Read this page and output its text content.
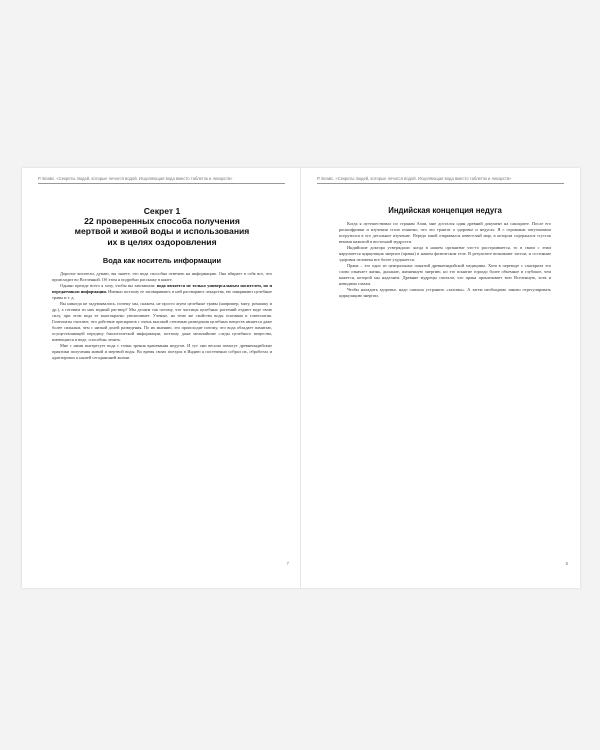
Р. Блавс. «Секреты людей, которые лечатся водой. Исцеляющая вода вместо таблеток и лекарств»
Секрет 1
22 проверенных способа получения
мертвой и живой воды и использования
их в целях оздоровления
Вода как носитель информации

Дорогие читатели, думаю, вы знаете, что вода способна отвечать на информацию. Она вбирает в себя все, что происходит во Вселенной. Об этом я подробно расскажу в книге.

Однако прежде всего я хочу, чтобы вы запомнили: вода является не только универсальным носителем, но и передатчиком информации. Именно поэтому ее заговаривают, в ней растворяют лекарства, ею заваривают целебные травы и т. д.

Вы никогда не задумывались, почему мы, скажем, не просто жуем целебные травы (например, мяту, ромашку и др.), а готовим из них водный раствор? Мы делаем так потому, что частицы целебных растений отдают воде свою силу, при этом вода ее многократно увеличивает. Ученые, на теме же свойства воды основана и гомеопатия. Гомеопаты считают, что действие препаратов с очень высокой степенью разведения целебных веществ является даже более сильным, чем с низкой долей разведения. По их мнению, это происходит потому, что вода обладает памятью, осуществляющей передачу биологической информации, поэтому даже мельчайшие следы целебного вещества, имеющиеся в воде, способны лечить.

Мне с ними интересует вода с точки зрения врачевания недугов. И тут они весьма помогут древнеиндийские практики получения живой и мертвой воды. Во время своих поездок в Индию я постепенно собрал их, обработал и адаптировал к нашей сегодняшней жизни.

7
Р. Блавс. «Секреты людей, которые лечатся водой. Исцеляющая вода вместо таблеток и лекарств»
Индийская концепция недуга

Когда я путешествовал по странам Азии, мне достался один древний документ на санскрите. После его расшифровки и изучения стало понятно, что это трактат о здоровье и недугах. Я с огромным энтузиазмом погрузился в его детальное изучение. Передо мной открывался невеселый мир, в котором содержался сгусток веками нажитой в восточной мудрости.

Индийские доктора утверждали: когда в нашем организме что-то расстраивается, то в связи с этим нарушается циркуляция энергии (праны) в нашем физическом теле. В результате возникают застои, и состояние здоровья человека все более ухудшается.

Прана – это одно из центральных понятий древнеиндийской медицины. Хотя в переводе с санскрита это слово означает жизнь, дыхание, жизненную энергию, но это понятие гораздо более объемное и глубокое, чем кажется, которой мы наделяем. Древние мудрецы считали, что прана пронизывает всю Вселенную, хотя и невидима глазам.

Чтобы наладить здоровье, надо сначала устранить «заломы». А затем необходимо заново отрегулировать циркуляцию энергии.

8
